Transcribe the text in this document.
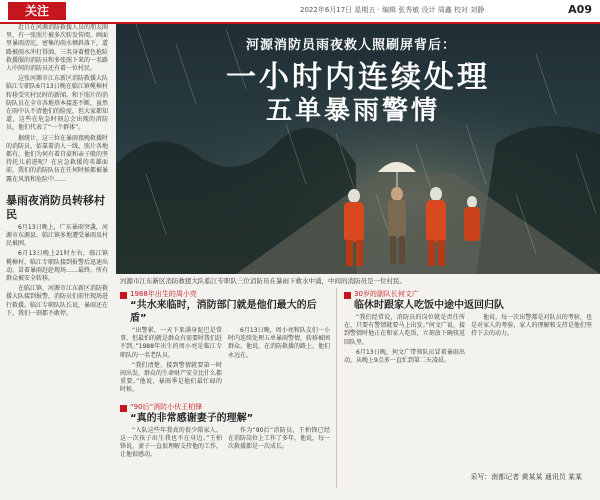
关注	2022年6月17日 星期五 · 编辑 张秀敏 设计 周鑫 校对 刘静	A09

近日在河源消防救援人员的朋友圈里，有一张照片被多次转发传阅，画面里暴雨滂沱，密集的雨水倾斜落下，道路被雨水冲打得汹，三名身着橙色抢险救援服的消防员和多张照下来的一名路人中间的消防员还有着一位村民。

这张河源市江东新区消防救援大队临江专职队6月13日晚在临江镇榄樟村转移受灾村民时的新闻。和下照片的消防队员在全市各地基本接连不断，虽然在雨中认不清他们的脸庞，但大家都知道，这些在危急时刻总会出现的消防员，他们代表了“一个群体”。

据统计，这三位在暴雨夜晚救援时的消防员，依靠着消人一线，照片各地都有，他们为何有着自豪和亲子般的坚持托儿前进呢？在应急救援的英雄面前，我们的消防队伍在任何时候都被暴露在风浪和危险中……

暴雨夜消防员转移村民

6月13日晚上，广东暴雨突袭，河源市东源县、临江镇多地遭受暴雨及村民被困。

6月13日晚上21时左右，临江镇榄樟村，临江专职队接到报警后迅速出动，冒着暴雨赶赴现场……最终，所有群众被安全转移。

在临江镇，河源市江东新区消防救援大队接到报警，消防员们前往现场进行救援。临江专职队队长说，暴雨还在下，我们一刻都不敢停。

河源消防员雨夜救人照刷屏背后：
一小时内连续处理
五单暴雨警情
河源市江东新区消防救援大队临江专职队三位消防员在暴雨下救水中涌，中间的消防员是一位村民。
1988年出生的周小亮
“共水来临时，消防部门就是他们最大的后盾”

“出警累，一天下来满身泥巴是常事，但最怕的就是群众有需要时我们赶不到。”1988年出生的周小亮是临江专职队的一名老队员。

“我们清楚，接到警情就要第一时间出发，群众的生命财产安全比什么都重要。”他说，暴雨季是他们最忙碌的时候。

6月13日晚，周小亮和队友们一小时内连续处理五单暴雨警情，转移被困群众。他说，在消防救援的路上，他们永远在。

“90后”消防小伙王柏锋
“真的非常感谢妻子的理解”

“入队这些年我真的很少陪家人，这一次孩子出生我也不在身边。”王柏锋说，妻子一直很理解支持他的工作，让他很感动。

作为“90后”消防员，王柏锋已经在消防岗位上工作了多年，他说，每一次救援都是一次成长。

30岁的副队长何文广
临休时跟家人吃饭中途中返回归队

“我们经常说，消防员的岗位就是责任所在，只要有警情就要马上出发。”何文广说，接到警情时他正在和家人吃饭，立刻放下碗筷返回队里。

6月13日晚，何文广带领队员冒着暴雨出动，从晚上9点多一直忙到第二天凌晨。

他说，每一次出警都是对队员的考验，也是对家人的考验，家人的理解和支持是他们坚持下去的动力。

采写：南都记者 黄某某 通讯员 某某
